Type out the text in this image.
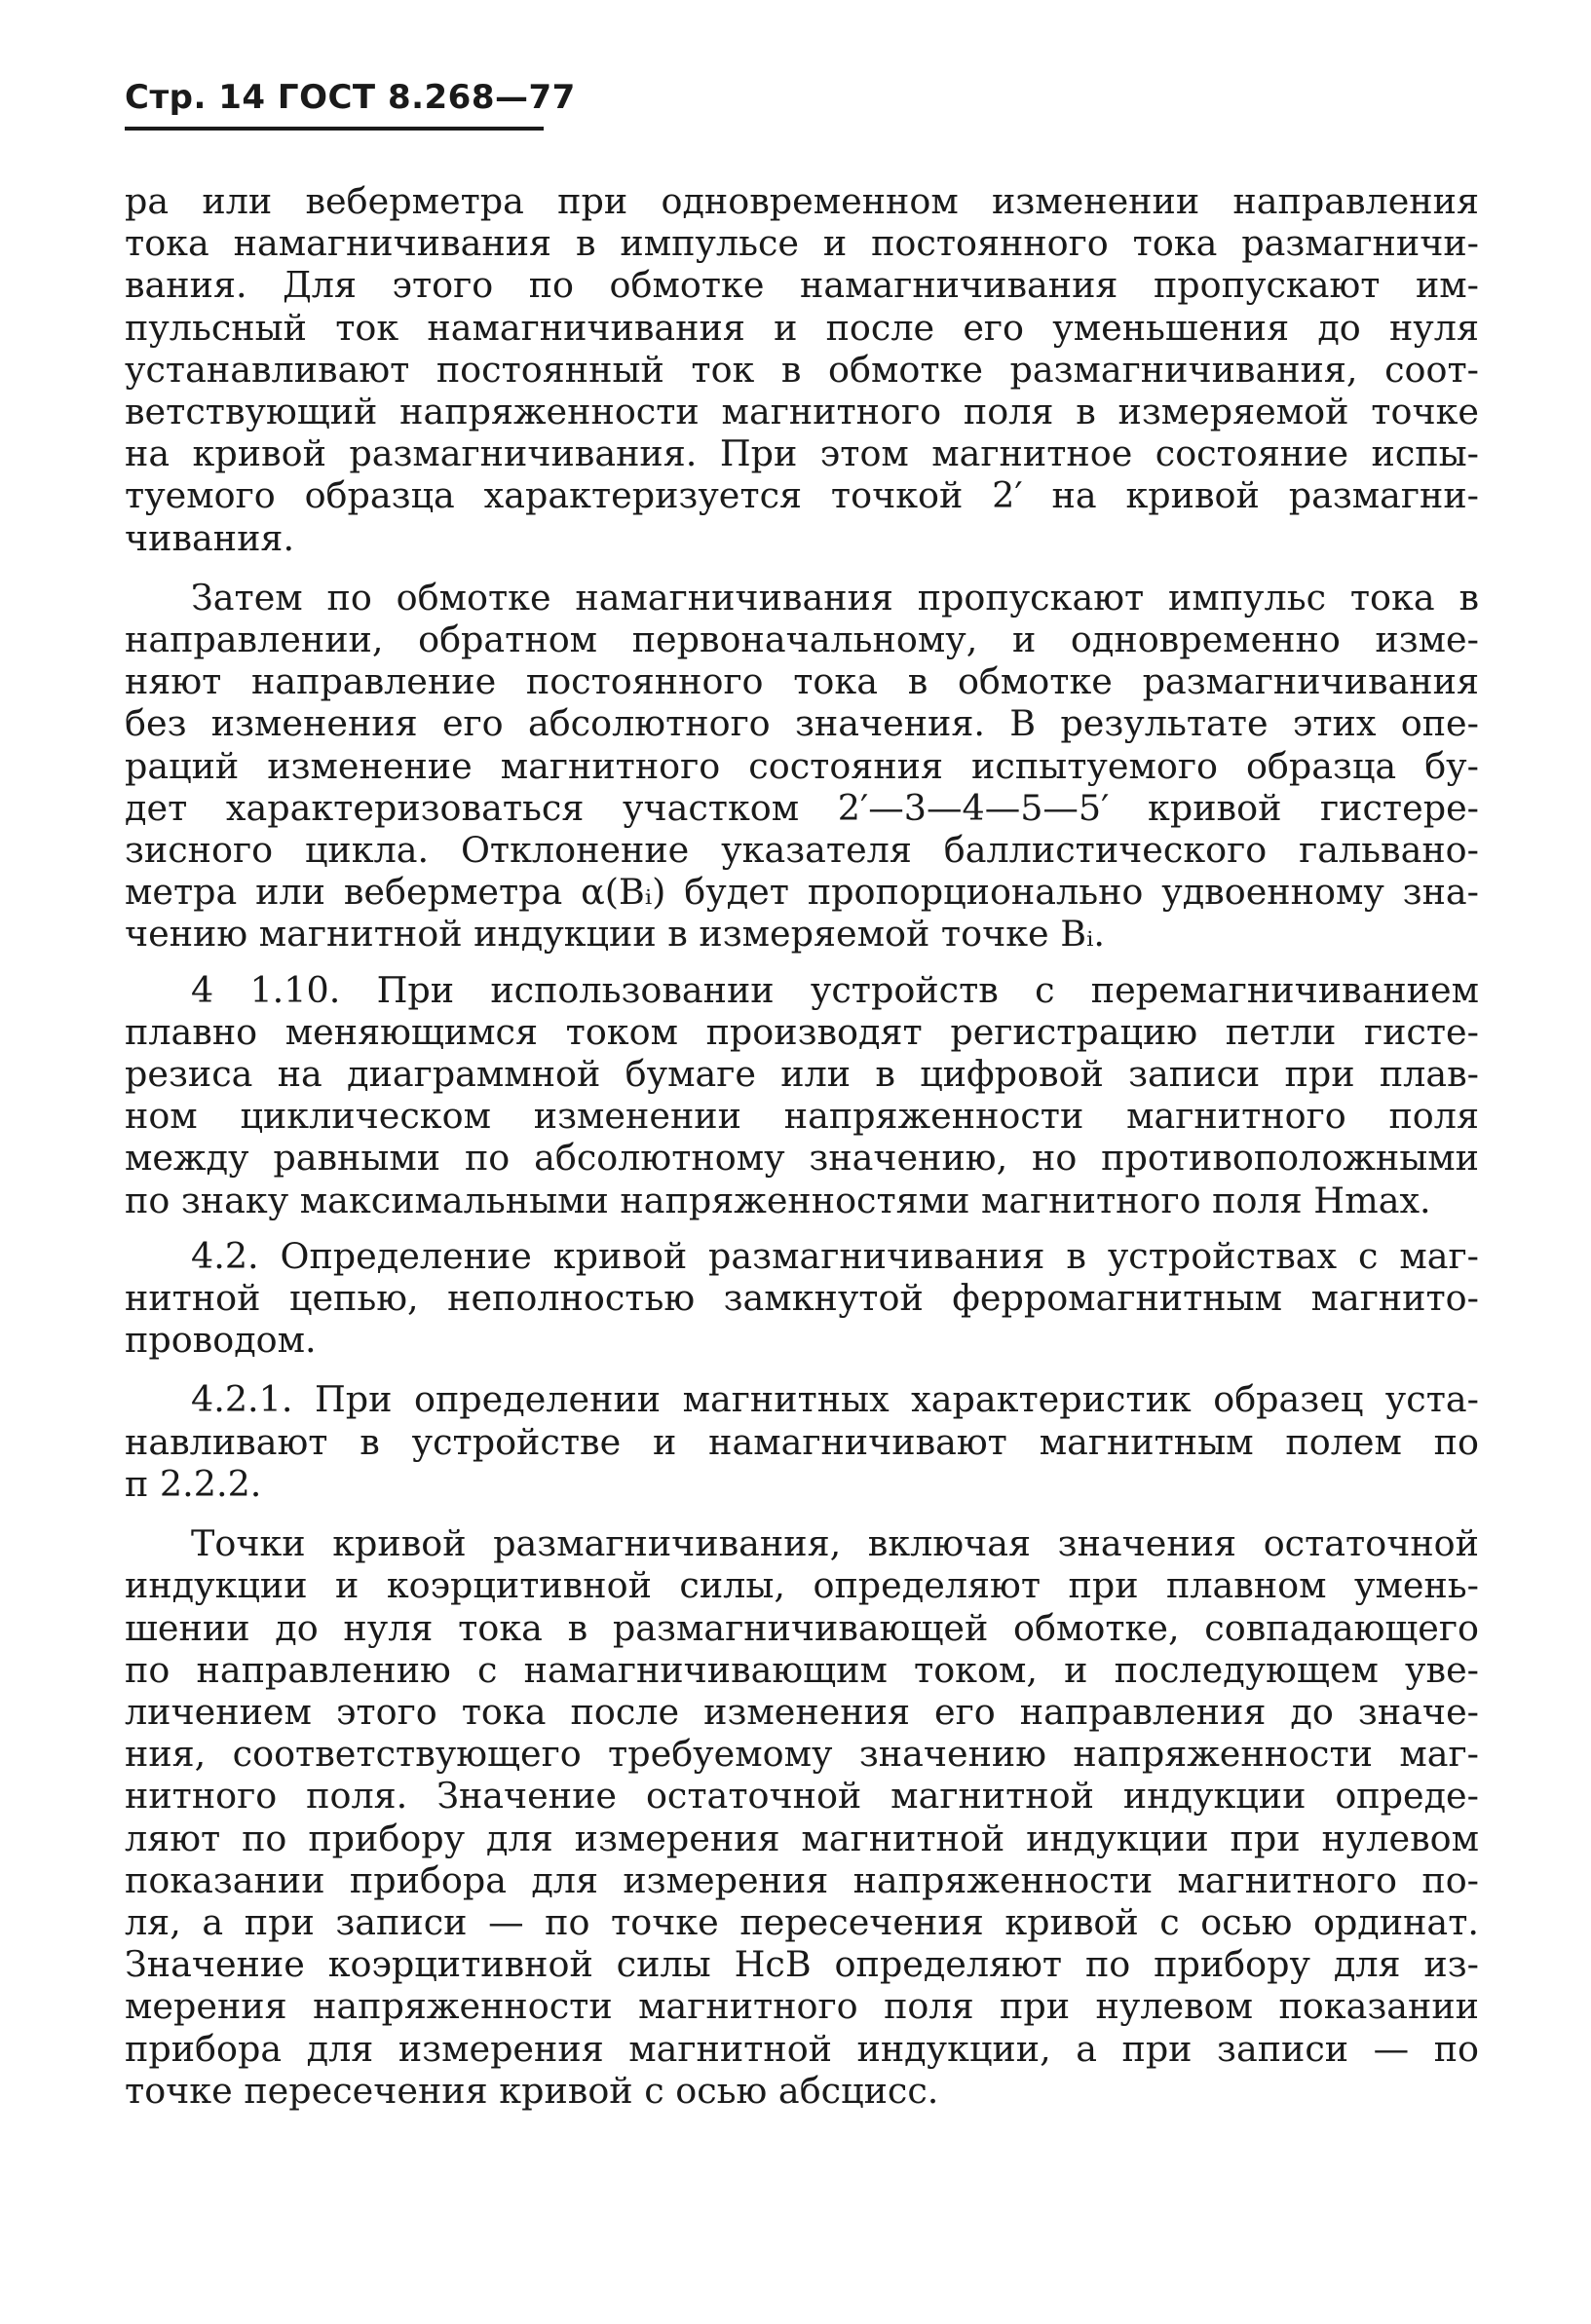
Стр. 14 ГОСТ 8.268—77
ра или веберметра при одновременном изменении направления
тока намагничивания в импульсе и постоянного тока размагничи-
вания. Для этого по обмотке намагничивания пропускают им-
пульсный ток намагничивания и после его уменьшения до нуля
устанавливают постоянный ток в обмотке размагничивания, соот-
ветствующий напряженности магнитного поля в измеряемой точке
на кривой размагничивания. При этом магнитное состояние испы-
туемого образца характеризуется точкой 2′ на кривой размагни-
чивания.
Затем по обмотке намагничивания пропускают импульс тока в
направлении, обратном первоначальному, и одновременно изме-
няют направление постоянного тока в обмотке размагничивания
без изменения его абсолютного значения. В результате этих опе-
раций изменение магнитного состояния испытуемого образца бу-
дет характеризоваться участком 2′—3—4—5—5′ кривой гистере-
зисного цикла. Отклонение указателя баллистического гальвано-
метра или веберметра α(Bᵢ) будет пропорционально удвоенному зна-
чению магнитной индукции в измеряемой точке Bᵢ.
4 1.10. При использовании устройств с перемагничиванием
плавно меняющимся током производят регистрацию петли гисте-
резиса на диаграммной бумаге или в цифровой записи при плав-
ном циклическом изменении напряженности магнитного поля
между равными по абсолютному значению, но противоположными
по знаку максимальными напряженностями магнитного поля Hmax.
4.2. Определение кривой размагничивания в устройствах с маг-
нитной цепью, неполностью замкнутой ферромагнитным магнито-
проводом.
4.2.1. При определении магнитных характеристик образец уста-
навливают в устройстве и намагничивают магнитным полем по
п 2.2.2.
Точки кривой размагничивания, включая значения остаточной
индукции и коэрцитивной силы, определяют при плавном умень-
шении до нуля тока в размагничивающей обмотке, совпадающего
по направлению с намагничивающим током, и последующем уве-
личением этого тока после изменения его направления до значе-
ния, соответствующего требуемому значению напряженности маг-
нитного поля. Значение остаточной магнитной индукции опреде-
ляют по прибору для измерения магнитной индукции при нулевом
показании прибора для измерения напряженности магнитного по-
ля, а при записи — по точке пересечения кривой с осью ординат.
Значение коэрцитивной силы HcB определяют по прибору для из-
мерения напряженности магнитного поля при нулевом показании
прибора для измерения магнитной индукции, а при записи — по
точке пересечения кривой с осью абсцисс.
